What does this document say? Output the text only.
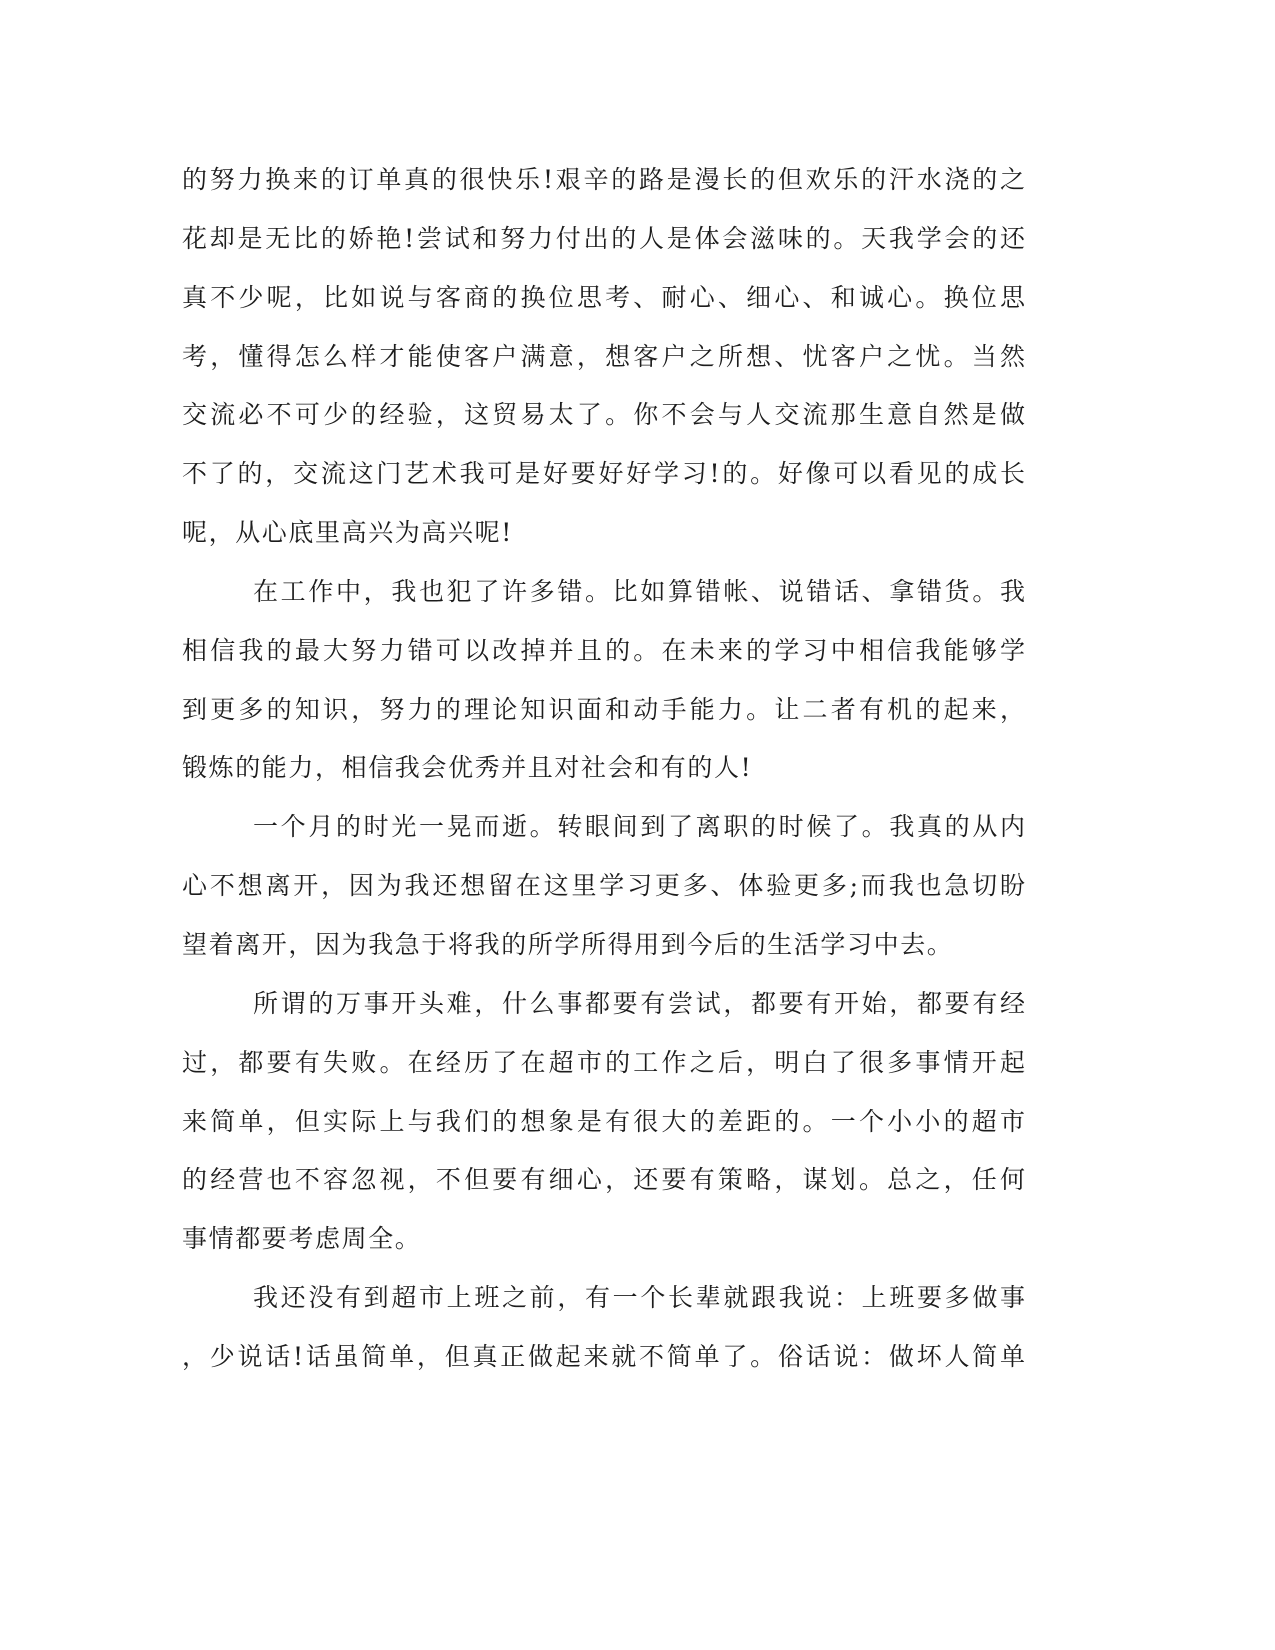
的努力换来的订单真的很快乐!艰辛的路是漫长的但欢乐的汗水浇的之
花却是无比的娇艳!尝试和努力付出的人是体会滋味的。天我学会的还
真不少呢，比如说与客商的换位思考、耐心、细心、和诚心。换位思
考，懂得怎么样才能使客户满意，想客户之所想、忧客户之忧。当然
交流必不可少的经验，这贸易太了。你不会与人交流那生意自然是做
不了的，交流这门艺术我可是好要好好学习!的。好像可以看见的成长
呢，从心底里高兴为高兴呢!
在工作中，我也犯了许多错。比如算错帐、说错话、拿错货。我
相信我的最大努力错可以改掉并且的。在未来的学习中相信我能够学
到更多的知识，努力的理论知识面和动手能力。让二者有机的起来，
锻炼的能力，相信我会优秀并且对社会和有的人!
一个月的时光一晃而逝。转眼间到了离职的时候了。我真的从内
心不想离开，因为我还想留在这里学习更多、体验更多;而我也急切盼
望着离开，因为我急于将我的所学所得用到今后的生活学习中去。
所谓的万事开头难，什么事都要有尝试，都要有开始，都要有经
过，都要有失败。在经历了在超市的工作之后，明白了很多事情开起
来简单，但实际上与我们的想象是有很大的差距的。一个小小的超市
的经营也不容忽视，不但要有细心，还要有策略，谋划。总之，任何
事情都要考虑周全。
我还没有到超市上班之前，有一个长辈就跟我说：上班要多做事
，少说话!话虽简单，但真正做起来就不简单了。俗话说：做坏人简单
